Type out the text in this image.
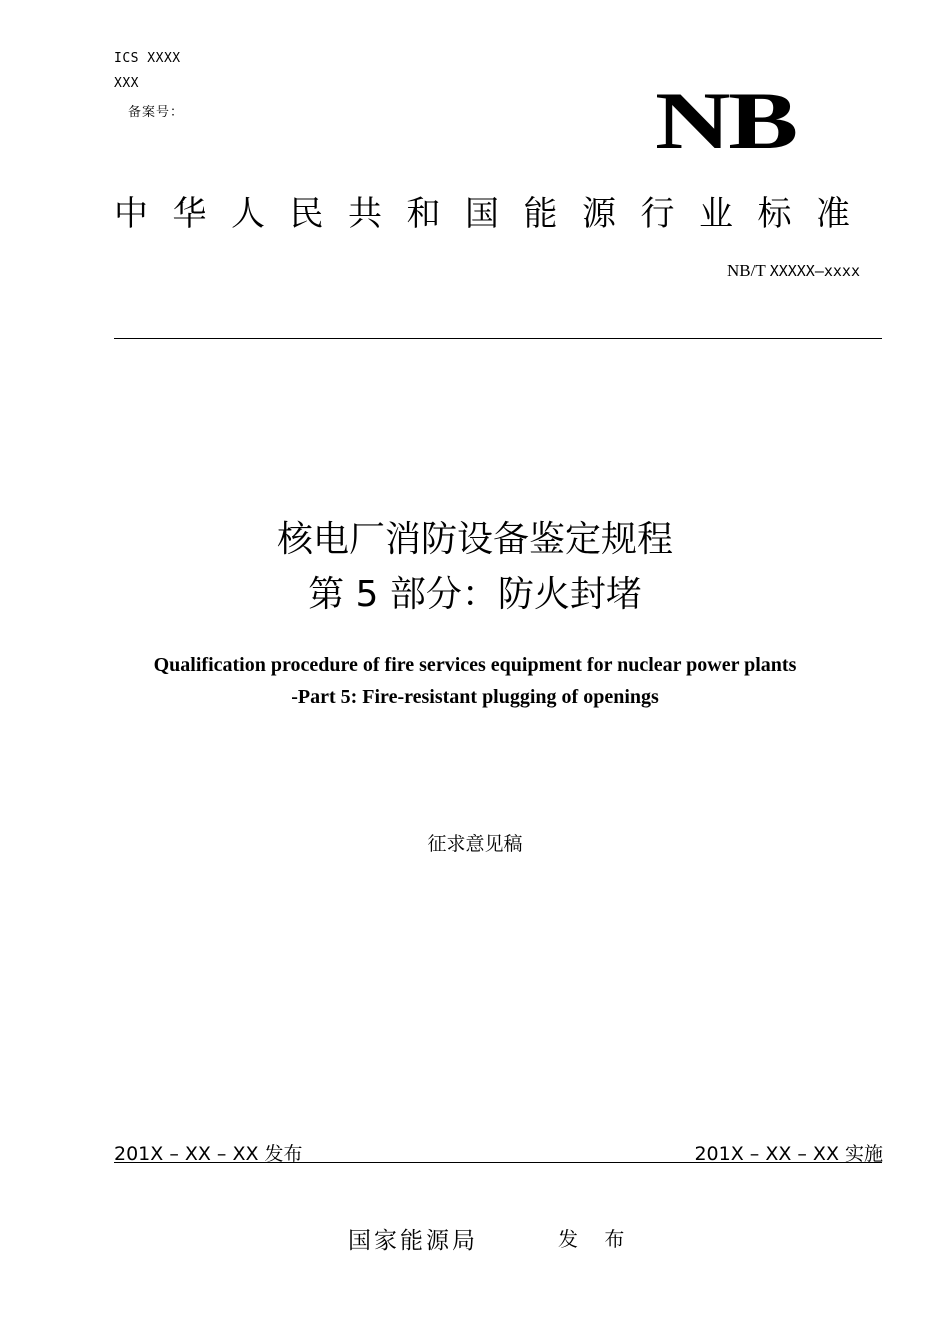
ICS XXXX
XXX
备案号：	NB
中华人民共和国能源行业标准
NB/T XXXXX—xxxx
核电厂消防设备鉴定规程
第 5 部分：防火封堵
Qualification procedure of fire services equipment for nuclear power plants
-Part 5: Fire-resistant plugging of openings
征求意见稿
201X – XX – XX 发布	201X – XX – XX 实施
国家能源局	发 布
